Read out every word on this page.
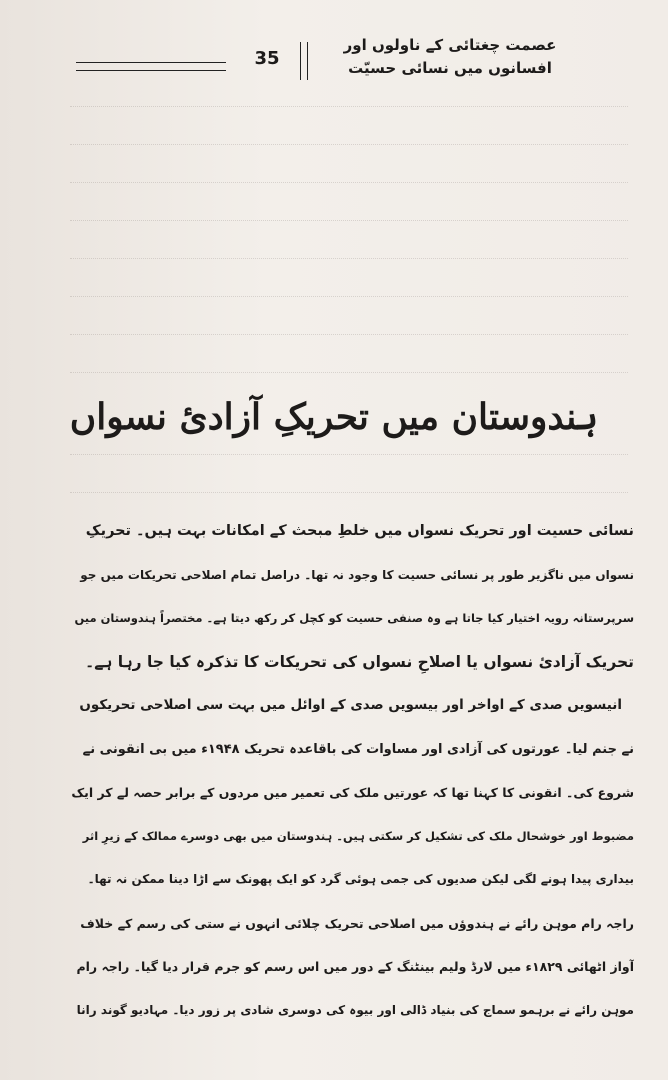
35
عصمت چغتائی کے ناولوں اور
افسانوں میں نسائی حسیّت
ہندوستان میں تحریکِ آزادیٔ نسواں
نسائی حسیت اور تحریک نسواں میں خلطِ مبحث کے امکانات بہت ہیں۔ تحریکِ
نسواں میں ناگزیر طور پر نسائی حسیت کا وجود نہ تھا۔ دراصل تمام اصلاحی تحریکات میں جو
سرپرستانہ رویہ اختیار کیا جاتا ہے وہ صنفی حسیت کو کچل کر رکھ دیتا ہے۔ مختصراً ہندوستان میں
تحریک آزادیٔ نسواں یا اصلاحِ نسواں کی تحریکات کا تذکرہ کیا جا رہا ہے۔
انیسویں صدی کے اواخر اور بیسویں صدی کے اوائل میں بہت سی اصلاحی تحریکوں
نے جنم لیا۔ عورتوں کی آزادی اور مساوات کی باقاعدہ تحریک ۱۹۴۸ء میں بی انقونی نے
شروع کی۔ انقونی کا کہنا تھا کہ عورتیں ملک کی تعمیر میں مردوں کے برابر حصہ لے کر ایک
مضبوط اور خوشحال ملک کی تشکیل کر سکتی ہیں۔ ہندوستان میں بھی دوسرے ممالک کے زیرِ اثر
بیداری پیدا ہونے لگی لیکن صدیوں کی جمی ہوئی گرد کو ایک پھونک سے اڑا دینا ممکن نہ تھا۔
راجہ رام موہن رائے نے ہندوؤں میں اصلاحی تحریک چلائی انہوں نے ستی کی رسم کے خلاف
آواز اٹھائی ۱۸۲۹ء میں لارڈ ولیم بینٹنگ کے دور میں اس رسم کو جرم قرار دیا گیا۔ راجہ رام
موہن رائے نے برہمو سماج کی بنیاد ڈالی اور بیوہ کی دوسری شادی پر زور دیا۔ مہادیو گوند رانا
